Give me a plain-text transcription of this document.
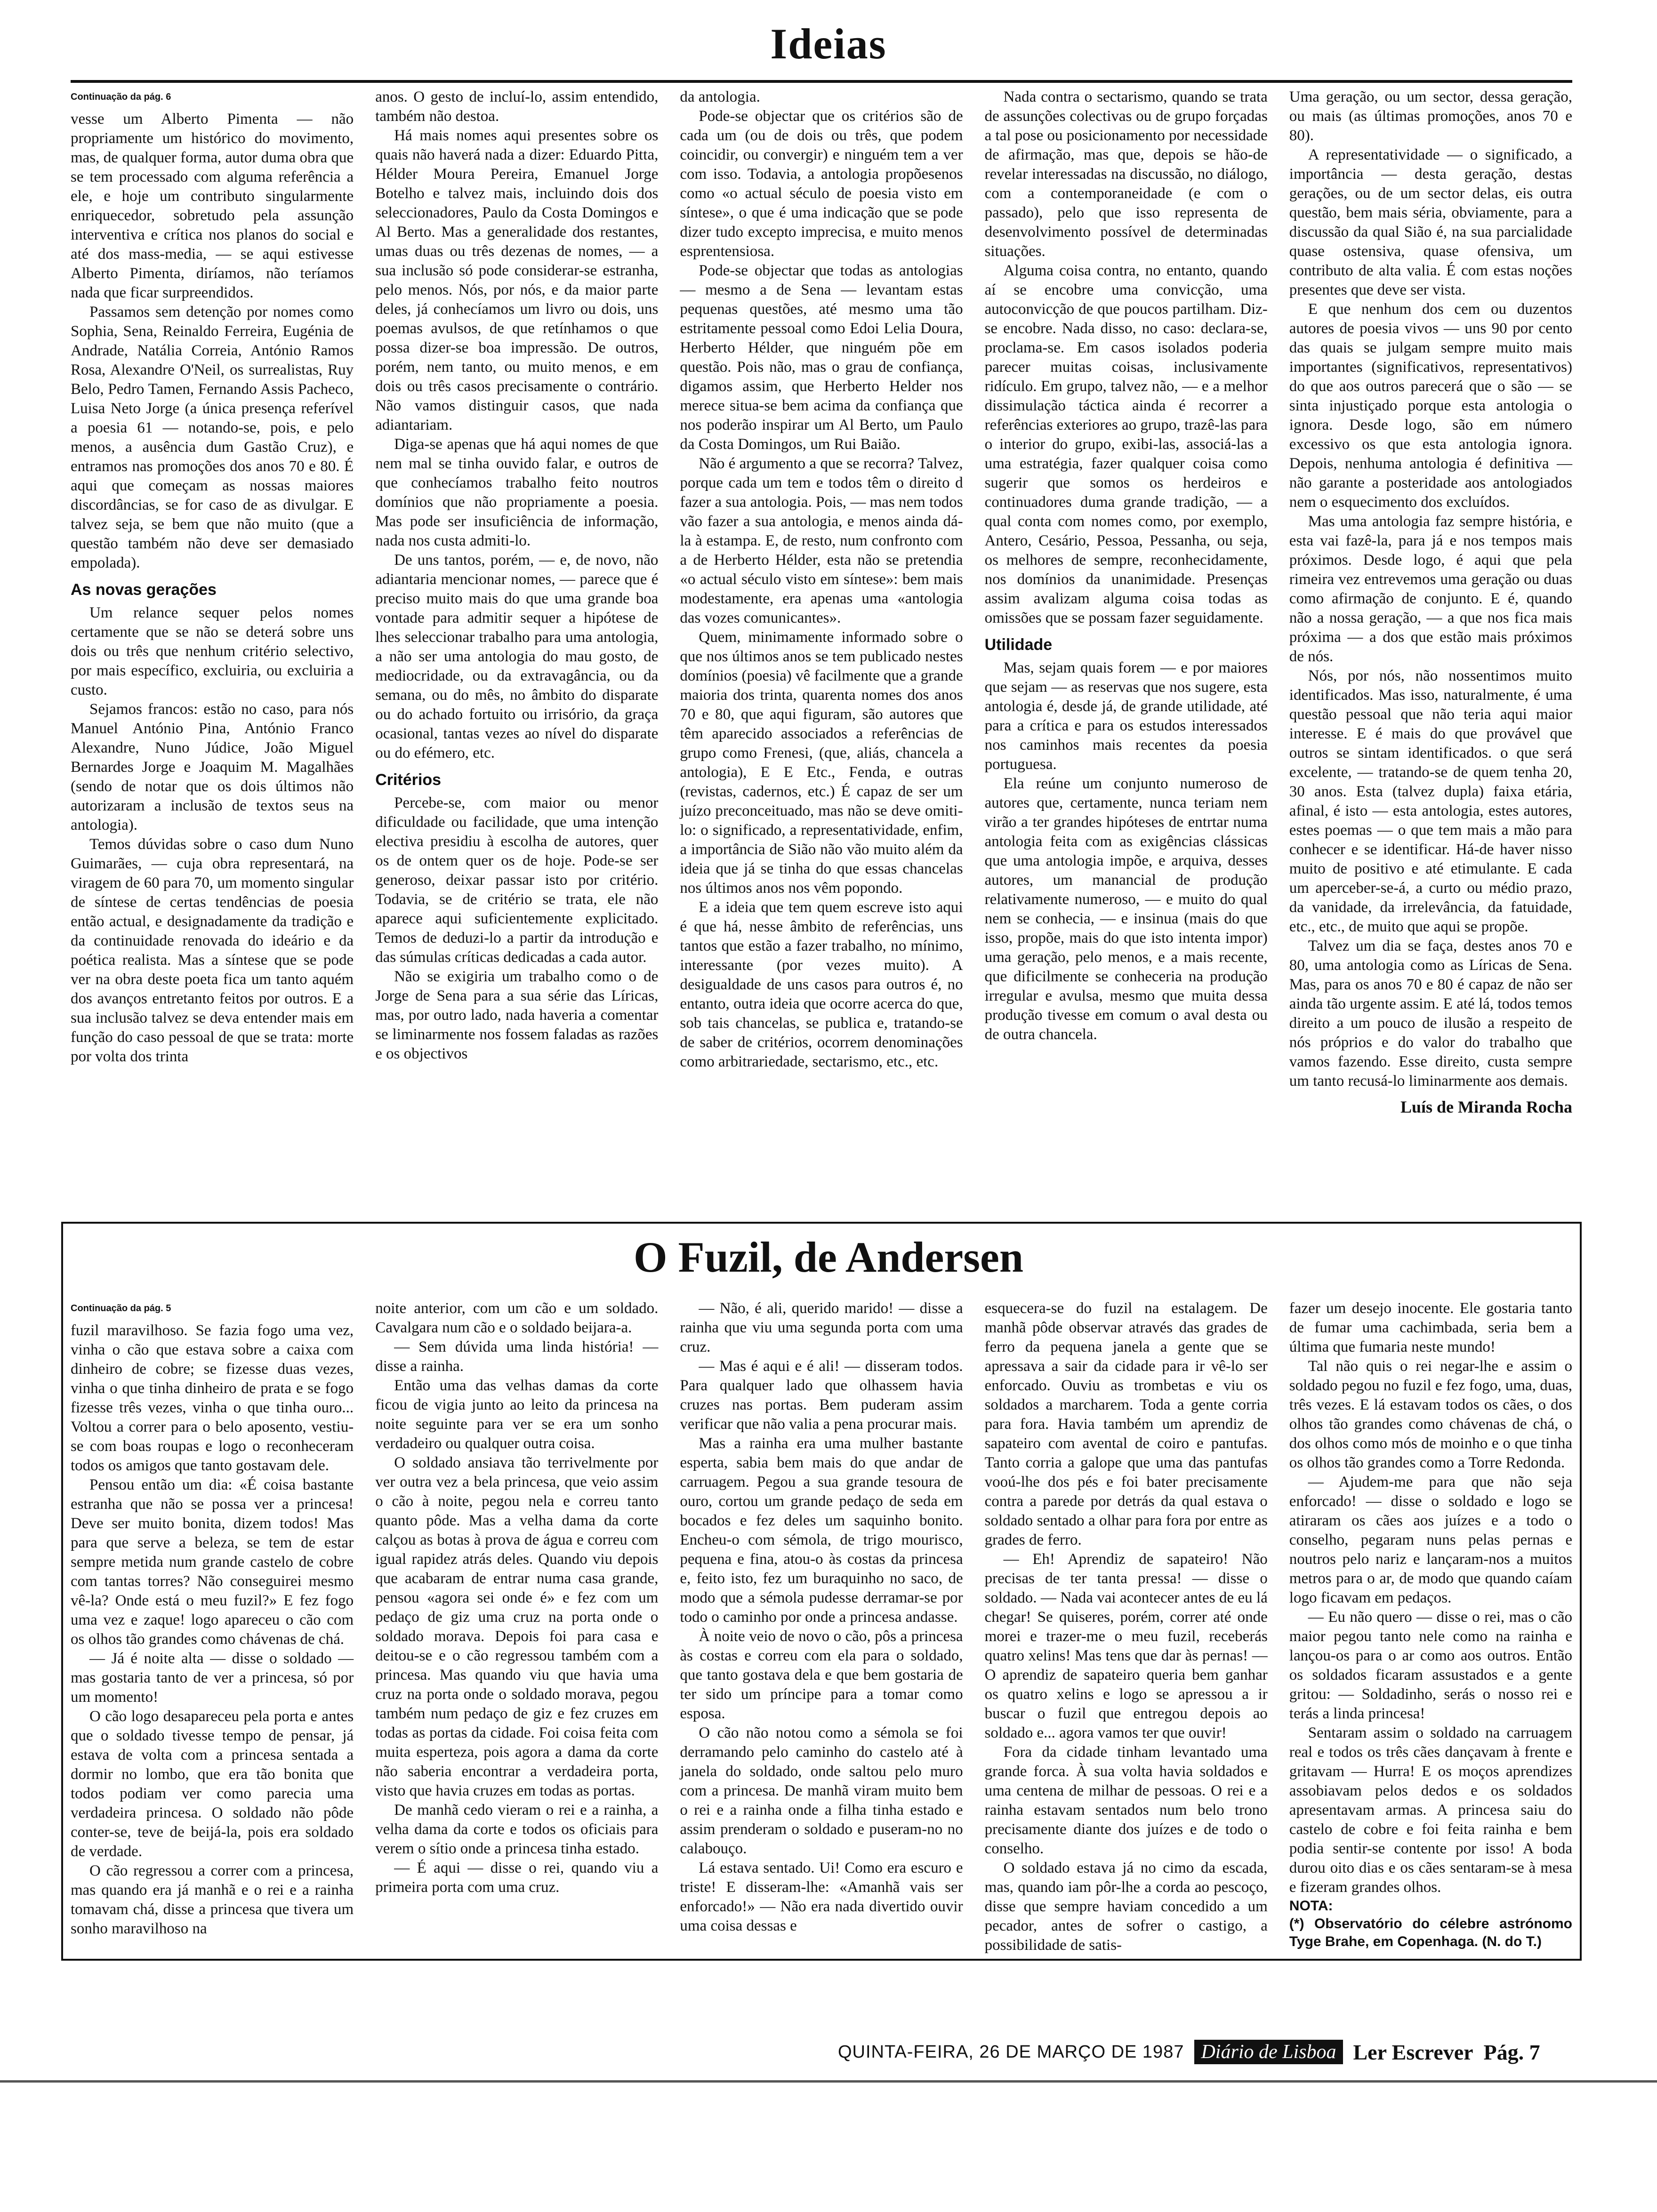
Ideias
Continuação da pág. 6

vesse um Alberto Pimenta — não propriamente um histórico do movimento, mas, de qualquer forma, autor duma obra que se tem processado com alguma referência a ele, e hoje um contributo singularmente enriquecedor, sobretudo pela assunção interventiva e crítica nos planos do social e até dos mass-media, — se aqui estivesse Alberto Pimenta, diríamos, não teríamos nada que ficar surpreendidos.

Passamos sem detenção por nomes como Sophia, Sena, Reinaldo Ferreira, Eugénia de Andrade, Natália Correia, António Ramos Rosa, Alexandre O'Neil, os surrealistas, Ruy Belo, Pedro Tamen, Fernando Assis Pacheco, Luisa Neto Jorge (a única presença referível a poesia 61 — notando-se, pois, e pelo menos, a ausência dum Gastão Cruz), e entramos nas promoções dos anos 70 e 80. É aqui que começam as nossas maiores discordâncias, se for caso de as divulgar. E talvez seja, se bem que não muito (que a questão também não deve ser demasiado empolada).

As novas gerações

Um relance sequer pelos nomes certamente que se não se deterá sobre uns dois ou três que nenhum critério selectivo, por mais específico, excluiria, ou excluiria a custo.

Sejamos francos: estão no caso, para nós Manuel António Pina, António Franco Alexandre, Nuno Júdice, João Miguel Bernardes Jorge e Joaquim M. Magalhães (sendo de notar que os dois últimos não autorizaram a inclusão de textos seus na antologia).

Temos dúvidas sobre o caso dum Nuno Guimarães, — cuja obra representará, na viragem de 60 para 70, um momento singular de síntese de certas tendências de poesia então actual, e designadamente da tradição e da continuidade renovada do ideário e da poética realista. Mas a síntese que se pode ver na obra deste poeta fica um tanto aquém dos avanços entretanto feitos por outros. E a sua inclusão talvez se deva entender mais em função do caso pessoal de que se trata: morte por volta dos trinta

anos. O gesto de incluí-lo, assim entendido, também não destoa.

Há mais nomes aqui presentes sobre os quais não haverá nada a dizer: Eduardo Pitta, Hélder Moura Pereira, Emanuel Jorge Botelho e talvez mais, incluindo dois dos seleccionadores, Paulo da Costa Domingos e Al Berto. Mas a generalidade dos restantes, umas duas ou três dezenas de nomes, — a sua inclusão só pode considerar-se estranha, pelo menos. Nós, por nós, e da maior parte deles, já conhecíamos um livro ou dois, uns poemas avulsos, de que retínhamos o que possa dizer-se boa impressão. De outros, porém, nem tanto, ou muito menos, e em dois ou três casos precisamente o contrário. Não vamos distinguir casos, que nada adiantariam.

Diga-se apenas que há aqui nomes de que nem mal se tinha ouvido falar, e outros de que conhecíamos trabalho feito noutros domínios que não propriamente a poesia. Mas pode ser insuficiência de informação, nada nos custa admiti-lo.

De uns tantos, porém, — e, de novo, não adiantaria mencionar nomes, — parece que é preciso muito mais do que uma grande boa vontade para admitir sequer a hipótese de lhes seleccionar trabalho para uma antologia, a não ser uma antologia do mau gosto, de mediocridade, ou da extravagância, ou da semana, ou do mês, no âmbito do disparate ou do achado fortuito ou irrisório, da graça ocasional, tantas vezes ao nível do disparate ou do efémero, etc.

Critérios

Percebe-se, com maior ou menor dificuldade ou facilidade, que uma intenção electiva presidiu à escolha de autores, quer os de ontem quer os de hoje. Pode-se ser generoso, deixar passar isto por critério. Todavia, se de critério se trata, ele não aparece aqui suficientemente explicitado. Temos de deduzi-lo a partir da introdução e das súmulas críticas dedicadas a cada autor.

Não se exigiria um trabalho como o de Jorge de Sena para a sua série das Líricas, mas, por outro lado, nada haveria a comentar se liminarmente nos fossem faladas as razões e os objectivos

da antologia.

Pode-se objectar que os critérios são de cada um (ou de dois ou três, que podem coincidir, ou convergir) e ninguém tem a ver com isso. Todavia, a antologia propõesenos como «o actual século de poesia visto em síntese», o que é uma indicação que se pode dizer tudo excepto imprecisa, e muito menos esprentensiosa.

Pode-se objectar que todas as antologias — mesmo a de Sena — levantam estas pequenas questões, até mesmo uma tão estritamente pessoal como Edoi Lelia Doura, Herberto Hélder, que ninguém põe em questão. Pois não, mas o grau de confiança, digamos assim, que Herberto Helder nos merece situa-se bem acima da confiança que nos poderão inspirar um Al Berto, um Paulo da Costa Domingos, um Rui Baião.

Não é argumento a que se recorra? Talvez, porque cada um tem e todos têm o direito d fazer a sua antologia. Pois, — mas nem todos vão fazer a sua antologia, e menos ainda dá-la à estampa. E, de resto, num confronto com a de Herberto Hélder, esta não se pretendia «o actual século visto em síntese»: bem mais modestamente, era apenas uma «antologia das vozes comunicantes».

Quem, minimamente informado sobre o que nos últimos anos se tem publicado nestes domínios (poesia) vê facilmente que a grande maioria dos trinta, quarenta nomes dos anos 70 e 80, que aqui figuram, são autores que têm aparecido associados a referências de grupo como Frenesi, (que, aliás, chancela a antologia), E E Etc., Fenda, e outras (revistas, cadernos, etc.) É capaz de ser um juízo preconceituado, mas não se deve omiti-lo: o significado, a representatividade, enfim, a importância de Sião não vão muito além da ideia que já se tinha do que essas chancelas nos últimos anos nos vêm popondo.

E a ideia que tem quem escreve isto aqui é que há, nesse âmbito de referências, uns tantos que estão a fazer trabalho, no mínimo, interessante (por vezes muito). A desigualdade de uns casos para outros é, no entanto, outra ideia que ocorre acerca do que, sob tais chancelas, se publica e, tratando-se de saber de critérios, ocorrem denominações como arbitrariedade, sectarismo, etc., etc.

Nada contra o sectarismo, quando se trata de assunções colectivas ou de grupo forçadas a tal pose ou posicionamento por necessidade de afirmação, mas que, depois se hão-de revelar interessadas na discussão, no diálogo, com a contemporaneidade (e com o passado), pelo que isso representa de desenvolvimento possível de determinadas situações.

Alguma coisa contra, no entanto, quando aí se encobre uma convicção, uma autoconvicção de que poucos partilham. Diz-se encobre. Nada disso, no caso: declara-se, proclama-se. Em casos isolados poderia parecer muitas coisas, inclusivamente ridículo. Em grupo, talvez não, — e a melhor dissimulação táctica ainda é recorrer a referências exteriores ao grupo, trazê-las para o interior do grupo, exibi-las, associá-las a uma estratégia, fazer qualquer coisa como sugerir que somos os herdeiros e continuadores duma grande tradição, — a qual conta com nomes como, por exemplo, Antero, Cesário, Pessoa, Pessanha, ou seja, os melhores de sempre, reconhecidamente, nos domínios da unanimidade. Presenças assim avalizam alguma coisa todas as omissões que se possam fazer seguidamente.

Utilidade

Mas, sejam quais forem — e por maiores que sejam — as reservas que nos sugere, esta antologia é, desde já, de grande utilidade, até para a crítica e para os estudos interessados nos caminhos mais recentes da poesia portuguesa.

Ela reúne um conjunto numeroso de autores que, certamente, nunca teriam nem virão a ter grandes hipóteses de entrtar numa antologia feita com as exigências clássicas que uma antologia impõe, e arquiva, desses autores, um manancial de produção relativamente numeroso, — e muito do qual nem se conhecia, — e insinua (mais do que isso, propõe, mais do que isto intenta impor) uma geração, pelo menos, e a mais recente, que dificilmente se conheceria na produção irregular e avulsa, mesmo que muita dessa produção tivesse em comum o aval desta ou de outra chancela.

Uma geração, ou um sector, dessa geração, ou mais (as últimas promoções, anos 70 e 80).

A representatividade — o significado, a importância — desta geração, destas gerações, ou de um sector delas, eis outra questão, bem mais séria, obviamente, para a discussão da qual Sião é, na sua parcialidade quase ostensiva, quase ofensiva, um contributo de alta valia. É com estas noções presentes que deve ser vista.

E que nenhum dos cem ou duzentos autores de poesia vivos — uns 90 por cento das quais se julgam sempre muito mais importantes (significativos, representativos) do que aos outros parecerá que o são — se sinta injustiçado porque esta antologia o ignora. Desde logo, são em número excessivo os que esta antologia ignora. Depois, nenhuma antologia é definitiva — não garante a posteridade aos antologiados nem o esquecimento dos excluídos.

Mas uma antologia faz sempre história, e esta vai fazê-la, para já e nos tempos mais próximos. Desde logo, é aqui que pela rimeira vez entrevemos uma geração ou duas como afirmação de conjunto. E é, quando não a nossa geração, — a que nos fica mais próxima — a dos que estão mais próximos de nós.

Nós, por nós, não nossentimos muito identificados. Mas isso, naturalmente, é uma questão pessoal que não teria aqui maior interesse. E é mais do que provável que outros se sintam identificados. o que será excelente, — tratando-se de quem tenha 20, 30 anos. Esta (talvez dupla) faixa etária, afinal, é isto — esta antologia, estes autores, estes poemas — o que tem mais a mão para conhecer e se identificar. Há-de haver nisso muito de positivo e até etimulante. E cada um aperceber-se-á, a curto ou médio prazo, da vanidade, da irrelevância, da fatuidade, etc., etc., de muito que aqui se propõe.

Talvez um dia se faça, destes anos 70 e 80, uma antologia como as Líricas de Sena. Mas, para os anos 70 e 80 é capaz de não ser ainda tão urgente assim. E até lá, todos temos direito a um pouco de ilusão a respeito de nós próprios e do valor do trabalho que vamos fazendo. Esse direito, custa sempre um tanto recusá-lo liminarmente aos demais.

Luís de Miranda Rocha
O Fuzil, de Andersen
Continuação da pág. 5

fuzil maravilhoso. Se fazia fogo uma vez, vinha o cão que estava sobre a caixa com dinheiro de cobre; se fizesse duas vezes, vinha o que tinha dinheiro de prata e se fogo fizesse três vezes, vinha o que tinha ouro... Voltou a correr para o belo aposento, vestiu-se com boas roupas e logo o reconheceram todos os amigos que tanto gostavam dele.

Pensou então um dia: «É coisa bastante estranha que não se possa ver a princesa! Deve ser muito bonita, dizem todos! Mas para que serve a beleza, se tem de estar sempre metida num grande castelo de cobre com tantas torres? Não conseguirei mesmo vê-la? Onde está o meu fuzil?» E fez fogo uma vez e zaque! logo apareceu o cão com os olhos tão grandes como chávenas de chá.

— Já é noite alta — disse o soldado — mas gostaria tanto de ver a princesa, só por um momento!

O cão logo desapareceu pela porta e antes que o soldado tivesse tempo de pensar, já estava de volta com a princesa sentada a dormir no lombo, que era tão bonita que todos podiam ver como parecia uma verdadeira princesa. O soldado não pôde conter-se, teve de beijá-la, pois era soldado de verdade.

O cão regressou a correr com a princesa, mas quando era já manhã e o rei e a rainha tomavam chá, disse a princesa que tivera um sonho maravilhoso na

noite anterior, com um cão e um soldado. Cavalgara num cão e o soldado beijara-a.

— Sem dúvida uma linda história! — disse a rainha.

Então uma das velhas damas da corte ficou de vigia junto ao leito da princesa na noite seguinte para ver se era um sonho verdadeiro ou qualquer outra coisa.

O soldado ansiava tão terrivelmente por ver outra vez a bela princesa, que veio assim o cão à noite, pegou nela e correu tanto quanto pôde. Mas a velha dama da corte calçou as botas à prova de água e correu com igual rapidez atrás deles. Quando viu depois que acabaram de entrar numa casa grande, pensou «agora sei onde é» e fez com um pedaço de giz uma cruz na porta onde o soldado morava. Depois foi para casa e deitou-se e o cão regressou também com a princesa. Mas quando viu que havia uma cruz na porta onde o soldado morava, pegou também num pedaço de giz e fez cruzes em todas as portas da cidade. Foi coisa feita com muita esperteza, pois agora a dama da corte não saberia encontrar a verdadeira porta, visto que havia cruzes em todas as portas.

De manhã cedo vieram o rei e a rainha, a velha dama da corte e todos os oficiais para verem o sítio onde a princesa tinha estado.

— É aqui — disse o rei, quando viu a primeira porta com uma cruz.

— Não, é ali, querido marido! — disse a rainha que viu uma segunda porta com uma cruz.

— Mas é aqui e é ali! — disseram todos. Para qualquer lado que olhassem havia cruzes nas portas. Bem puderam assim verificar que não valia a pena procurar mais.

Mas a rainha era uma mulher bastante esperta, sabia bem mais do que andar de carruagem. Pegou a sua grande tesoura de ouro, cortou um grande pedaço de seda em bocados e fez deles um saquinho bonito. Encheu-o com sémola, de trigo mourisco, pequena e fina, atou-o às costas da princesa e, feito isto, fez um buraquinho no saco, de modo que a sémola pudesse derramar-se por todo o caminho por onde a princesa andasse.

À noite veio de novo o cão, pôs a princesa às costas e correu com ela para o soldado, que tanto gostava dela e que bem gostaria de ter sido um príncipe para a tomar como esposa.

O cão não notou como a sémola se foi derramando pelo caminho do castelo até à janela do soldado, onde saltou pelo muro com a princesa. De manhã viram muito bem o rei e a rainha onde a filha tinha estado e assim prenderam o soldado e puseram-no no calabouço.

Lá estava sentado. Ui! Como era escuro e triste! E disseram-lhe: «Amanhã vais ser enforcado!» — Não era nada divertido ouvir uma coisa dessas e

esquecera-se do fuzil na estalagem. De manhã pôde observar através das grades de ferro da pequena janela a gente que se apressava a sair da cidade para ir vê-lo ser enforcado. Ouviu as trombetas e viu os soldados a marcharem. Toda a gente corria para fora. Havia também um aprendiz de sapateiro com avental de coiro e pantufas. Tanto corria a galope que uma das pantufas vooú-lhe dos pés e foi bater precisamente contra a parede por detrás da qual estava o soldado sentado a olhar para fora por entre as grades de ferro.

— Eh! Aprendiz de sapateiro! Não precisas de ter tanta pressa! — disse o soldado. — Nada vai acontecer antes de eu lá chegar! Se quiseres, porém, correr até onde morei e trazer-me o meu fuzil, receberás quatro xelins! Mas tens que dar às pernas! — O aprendiz de sapateiro queria bem ganhar os quatro xelins e logo se apressou a ir buscar o fuzil que entregou depois ao soldado e... agora vamos ter que ouvir!

Fora da cidade tinham levantado uma grande forca. À sua volta havia soldados e uma centena de milhar de pessoas. O rei e a rainha estavam sentados num belo trono precisamente diante dos juízes e de todo o conselho.

O soldado estava já no cimo da escada, mas, quando iam pôr-lhe a corda ao pescoço, disse que sempre haviam concedido a um pecador, antes de sofrer o castigo, a possibilidade de satis-

fazer um desejo inocente. Ele gostaria tanto de fumar uma cachimbada, seria bem a última que fumaria neste mundo!

Tal não quis o rei negar-lhe e assim o soldado pegou no fuzil e fez fogo, uma, duas, três vezes. E lá estavam todos os cães, o dos olhos tão grandes como chávenas de chá, o dos olhos como mós de moinho e o que tinha os olhos tão grandes como a Torre Redonda.

— Ajudem-me para que não seja enforcado! — disse o soldado e logo se atiraram os cães aos juízes e a todo o conselho, pegaram nuns pelas pernas e noutros pelo nariz e lançaram-nos a muitos metros para o ar, de modo que quando caíam logo ficavam em pedaços.

— Eu não quero — disse o rei, mas o cão maior pegou tanto nele como na rainha e lançou-os para o ar como aos outros. Então os soldados ficaram assustados e a gente gritou: — Soldadinho, serás o nosso rei e terás a linda princesa!

Sentaram assim o soldado na carruagem real e todos os três cães dançavam à frente e gritavam — Hurra! E os moços aprendizes assobiavam pelos dedos e os soldados apresentavam armas. A princesa saiu do castelo de cobre e foi feita rainha e bem podia sentir-se contente por isso! A boda durou oito dias e os cães sentaram-se à mesa e fizeram grandes olhos.

NOTA:
(*) Observatório do célebre astrónomo Tyge Brahe, em Copenhaga. (N. do T.)
QUINTA-FEIRA, 26 DE MARÇO DE 1987 Diário de Lisboa Ler Escrever Pág. 7
